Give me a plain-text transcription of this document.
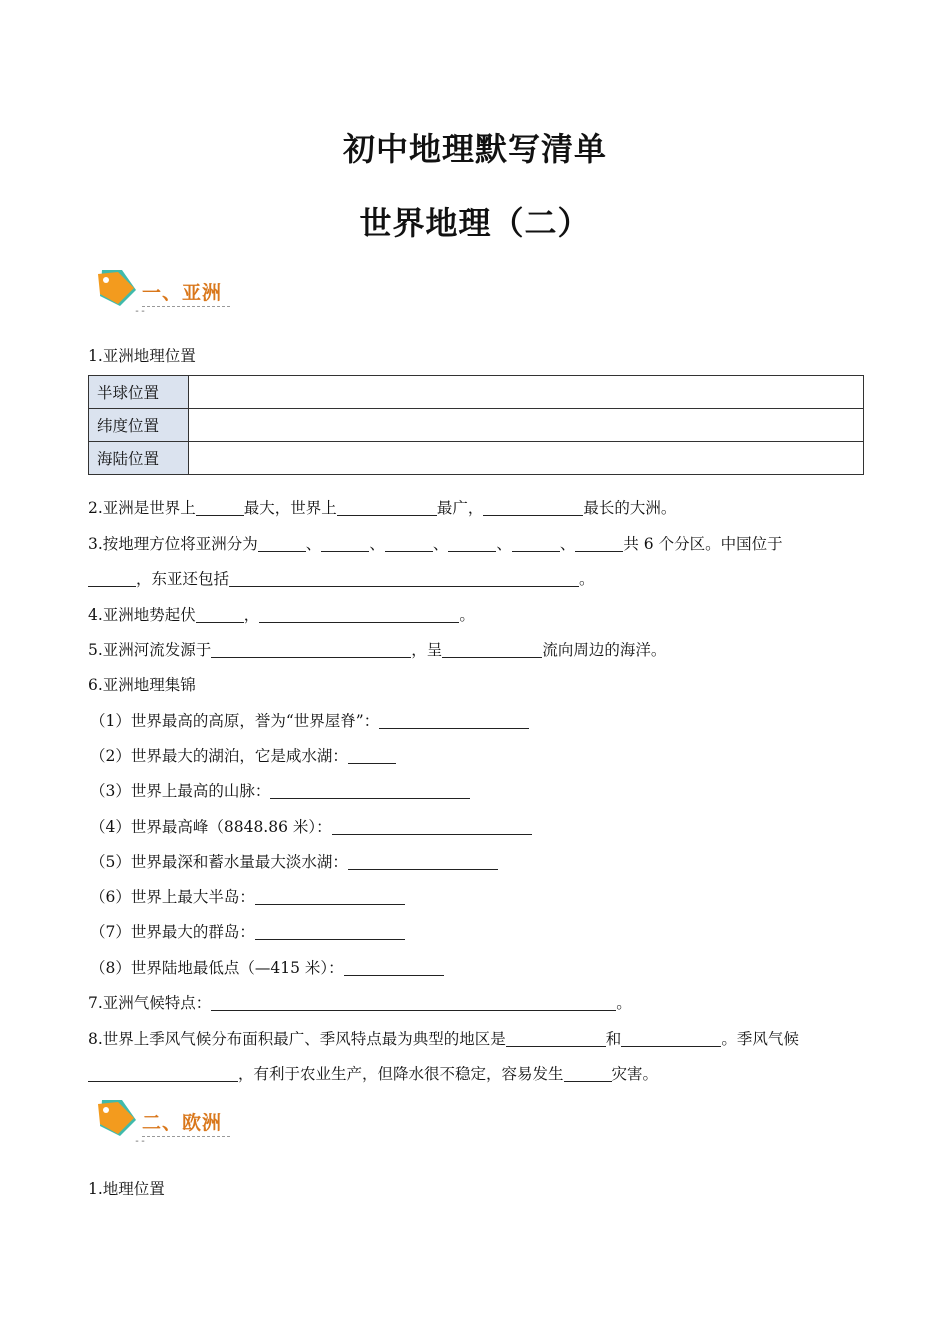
初中地理默写清单
世界地理（二）
一、亚洲
--
1.亚洲地理位置
半球位置	
纬度位置	
海陆位置	
2.亚洲是世界上	最大，世界上	最广，	最长的大洲。
3.按地理方位将亚洲分为	、	、	、	、	、	共 6 个分区。中国位于
，东亚还包括	。
4.亚洲地势起伏	，	。
5.亚洲河流发源于	，呈	流向周边的海洋。
6.亚洲地理集锦
（1）世界最高的高原，誉为“世界屋脊”：
（2）世界最大的湖泊，它是咸水湖：
（3）世界上最高的山脉：
（4）世界最高峰（8848.86 米）：
（5）世界最深和蓄水量最大淡水湖：
（6）世界上最大半岛：
（7）世界最大的群岛：
（8）世界陆地最低点（—415 米）：
7.亚洲气候特点：	。
8.世界上季风气候分布面积最广、季风特点最为典型的地区是	和	。季风气候
，有利于农业生产，但降水很不稳定，容易发生	灾害。
二、欧洲
--
1.地理位置
